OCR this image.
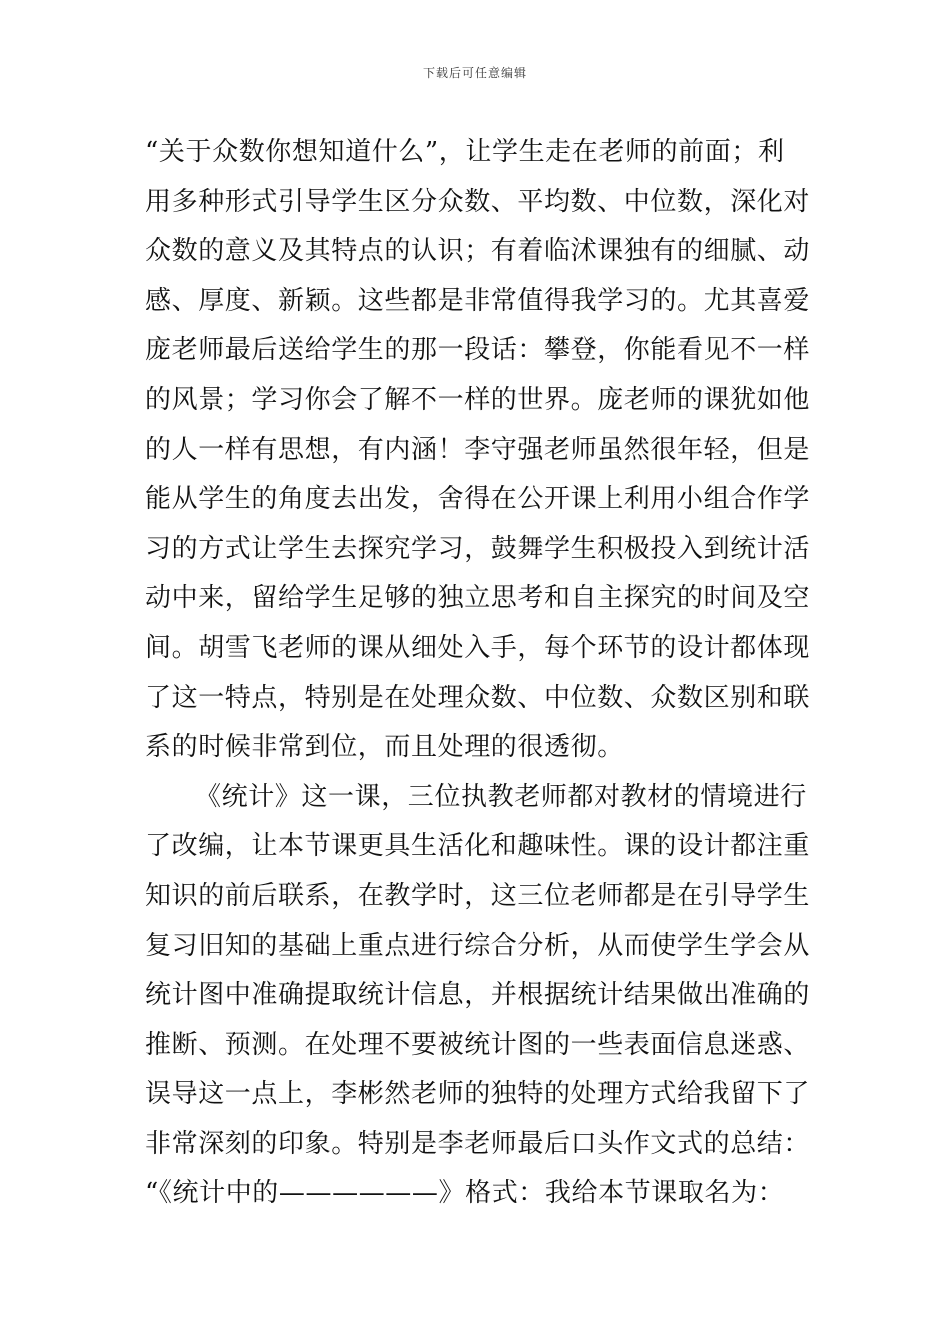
下载后可任意编辑
“关于众数你想知道什么”，让学生走在老师的前面；利
用多种形式引导学生区分众数、平均数、中位数，深化对
众数的意义及其特点的认识；有着临沭课独有的细腻、动
感、厚度、新颖。这些都是非常值得我学习的。尤其喜爱
庞老师最后送给学生的那一段话：攀登，你能看见不一样
的风景；学习你会了解不一样的世界。庞老师的课犹如他
的人一样有思想，有内涵！李守强老师虽然很年轻，但是
能从学生的角度去出发，舍得在公开课上利用小组合作学
习的方式让学生去探究学习，鼓舞学生积极投入到统计活
动中来，留给学生足够的独立思考和自主探究的时间及空
间。胡雪飞老师的课从细处入手，每个环节的设计都体现
了这一特点，特别是在处理众数、中位数、众数区别和联
系的时候非常到位，而且处理的很透彻。
《统计》这一课，三位执教老师都对教材的情境进行
了改编，让本节课更具生活化和趣味性。课的设计都注重
知识的前后联系，在教学时，这三位老师都是在引导学生
复习旧知的基础上重点进行综合分析，从而使学生学会从
统计图中准确提取统计信息，并根据统计结果做出准确的
推断、预测。在处理不要被统计图的一些表面信息迷惑、
误导这一点上，李彬然老师的独特的处理方式给我留下了
非常深刻的印象。特别是李老师最后口头作文式的总结：
“《统计中的——————》格式：我给本节课取名为：
